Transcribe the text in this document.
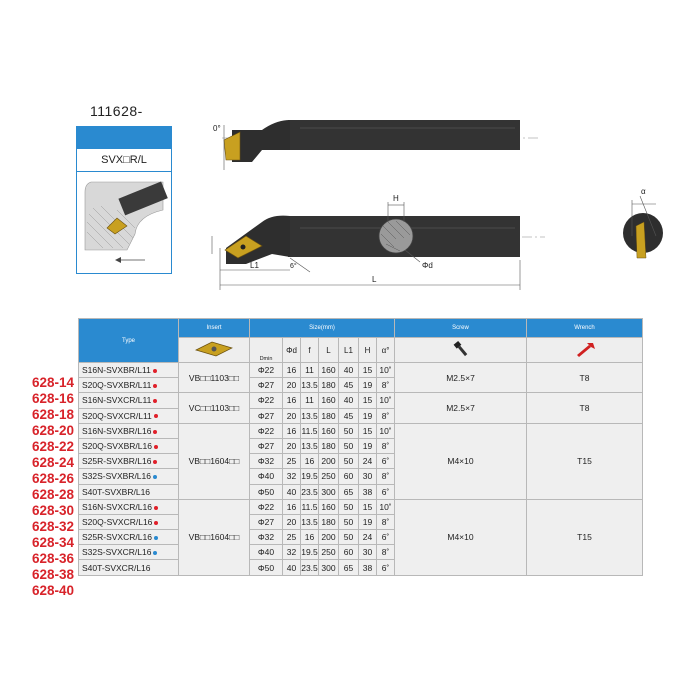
111628-
SVX□R/L
0°
H
L1	6°	Φd
L
α
628-14
628-16
628-18
628-20
628-22
628-24
628-26
628-28
628-30
628-32
628-34
628-36
628-38
628-40
Type	Insert	Size(mm)							Screw	Wrench
	Dmin	Φd	f	L	L1	H	α°		
S16N-SVXBR/L11	VB□□1103□□	Φ22	16	11	160	40	15	10˚	M2.5×7	T8
S20Q-SVXBR/L11		Φ27	20	13.5	180	45	19	8˚		
S16N-SVXCR/L11	VC□□1103□□	Φ22	16	11	160	40	15	10˚	M2.5×7	T8
S20Q-SVXCR/L11		Φ27	20	13.5	180	45	19	8˚		
S16N-SVXBR/L16	VB□□1604□□	Φ22	16	11.5	160	50	15	10˚	M4×10	T15
S20Q-SVXBR/L16		Φ27	20	13.5	180	50	19	8˚		
S25R-SVXBR/L16		Φ32	25	16	200	50	24	6˚		
S32S-SVXBR/L16		Φ40	32	19.5	250	60	30	8˚		
S40T-SVXBR/L16		Φ50	40	23.5	300	65	38	6˚		
S16N-SVXCR/L16	VB□□1604□□	Φ22	16	11.5	160	50	15	10˚	M4×10	T15
S20Q-SVXCR/L16		Φ27	20	13.5	180	50	19	8˚		
S25R-SVXCR/L16		Φ32	25	16	200	50	24	6˚		
S32S-SVXCR/L16		Φ40	32	19.5	250	60	30	8˚		
S40T-SVXCR/L16		Φ50	40	23.5	300	65	38	6˚		
